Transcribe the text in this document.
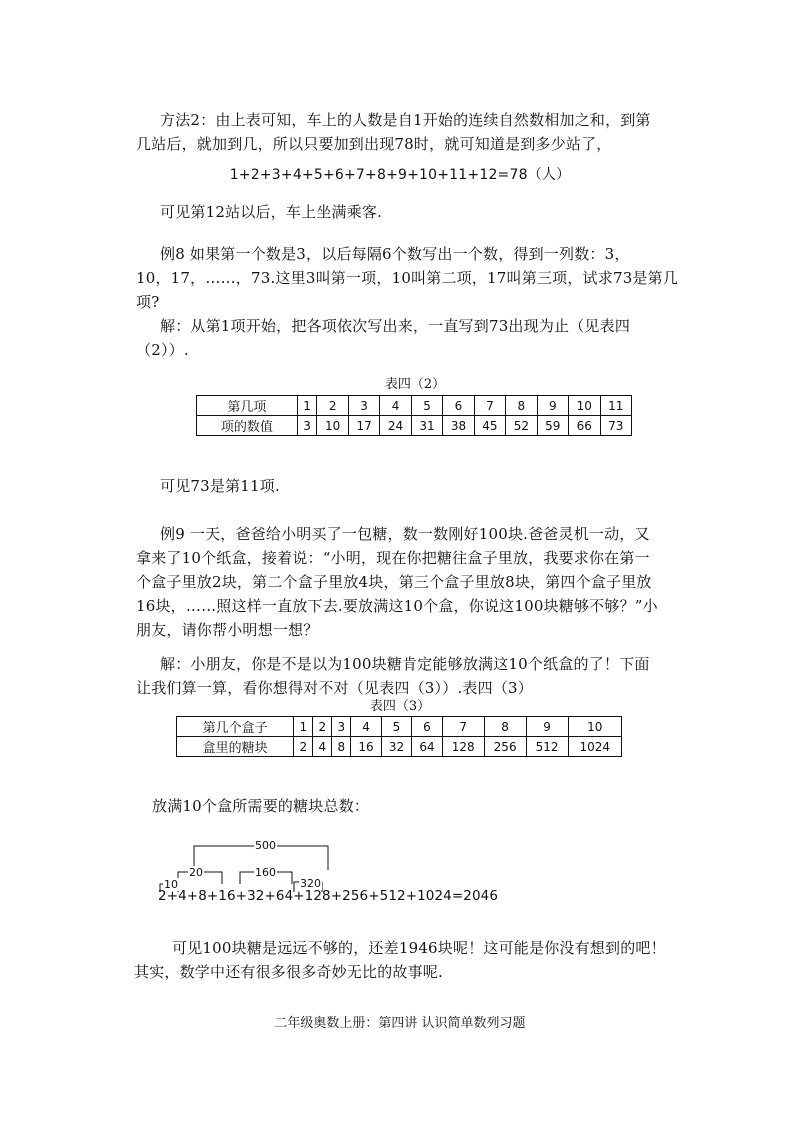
方法2：由上表可知，车上的人数是自1开始的连续自然数相加之和，到第
几站后，就加到几，所以只要加到出现78时，就可知道是到多少站了，
1+2+3+4+5+6+7+8+9+10+11+12=78（人）
可见第12站以后，车上坐满乘客.
例8 如果第一个数是3，以后每隔6个数写出一个数，得到一列数：3，
10，17，……，73.这里3叫第一项，10叫第二项，17叫第三项，试求73是第几
项?
解：从第1项开始，把各项依次写出来，一直写到73出现为止（见表四
（2））.
表四（2）
第几项	1	2	3	4	5	6	7	8	9	10	11
项的数值	3	10	17	24	31	38	45	52	59	66	73
可见73是第11项.
例9 一天，爸爸给小明买了一包糖，数一数刚好100块.爸爸灵机一动，又
拿来了10个纸盒，接着说：“小明，现在你把糖往盒子里放，我要求你在第一
个盒子里放2块，第二个盒子里放4块，第三个盒子里放8块，第四个盒子里放
16块，……照这样一直放下去.要放满这10个盒，你说这100块糖够不够？”小
朋友，请你帮小明想一想？
解：小朋友，你是不是以为100块糖肯定能够放满这10个纸盒的了！下面
让我们算一算，看你想得对不对（见表四（3））.表四（3）
表四（3）
第几个盒子	1	2	3	4	5	6	7	8	9	10
盒里的糖块	2	4	8	16	32	64	128	256	512	1024
放满10个盒所需要的糖块总数：
500
20	160
10	320
2+4+8+16+32+64+128+256+512+1024=2046
可见100块糖是远远不够的，还差1946块呢！这可能是你没有想到的吧！
其实，数学中还有很多很多奇妙无比的故事呢.
二年级奥数上册：第四讲 认识简单数列习题
